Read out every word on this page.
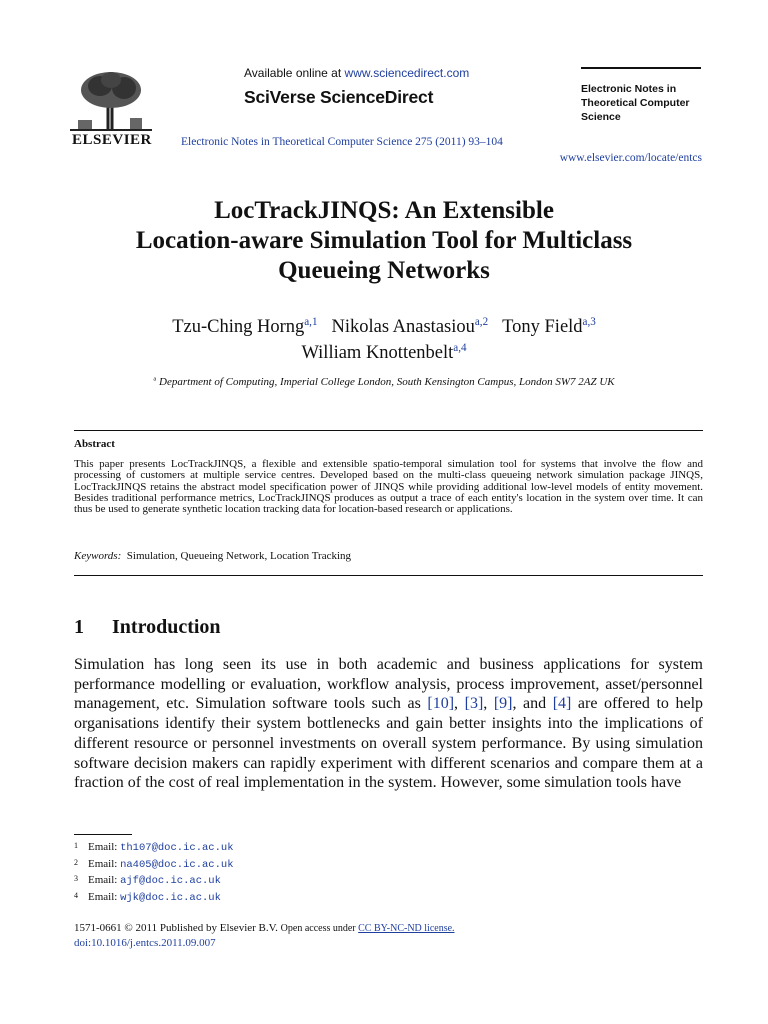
ELSEVIER
Available online at www.sciencedirect.com
SciVerse ScienceDirect
Electronic Notes in Theoretical Computer Science 275 (2011) 93–104
Electronic Notes in
Theoretical Computer
Science
www.elsevier.com/locate/entcs
LocTrackJINQS: An Extensible
Location-aware Simulation Tool for Multiclass
Queueing Networks
Tzu-Ching Horng$^{a,1}$ Nikolas Anastasiou$^{a,2}$ Tony Field$^{a,3}$
William Knottenbelt$^{a,4}$
$^a$ Department of Computing, Imperial College London, South Kensington Campus, London SW7 2AZ UK
Abstract
This paper presents LocTrackJINQS, a flexible and extensible spatio-temporal simulation tool for systems that involve the flow and processing of customers at multiple service centres. Developed based on the multi-class queueing network simulation package JINQS, LocTrackJINQS retains the abstract model specification power of JINQS while providing additional low-level models of entity movement. Besides traditional performance metrics, LocTrackJINQS produces as output a trace of each entity's location in the system over time. It can thus be used to generate synthetic location tracking data for location-based research or applications.
Keywords: Simulation, Queueing Network, Location Tracking
1 Introduction
Simulation has long seen its use in both academic and business applications for system performance modelling or evaluation, workflow analysis, process improvement, asset/personnel management, etc. Simulation software tools such as [10], [3], [9], and [4] are offered to help organisations identify their system bottlenecks and gain better insights into the implications of different resource or personnel investments on overall system performance. By using simulation software decision makers can rapidly experiment with different scenarios and compare them at a fraction of the cost of real implementation in the system. However, some simulation tools have
1 Email: th107@doc.ic.ac.uk
2 Email: na405@doc.ic.ac.uk
3 Email: ajf@doc.ic.ac.uk
4 Email: wjk@doc.ic.ac.uk
1571-0661 © 2011 Published by Elsevier B.V. Open access under CC BY-NC-ND license.
doi:10.1016/j.entcs.2011.09.007
